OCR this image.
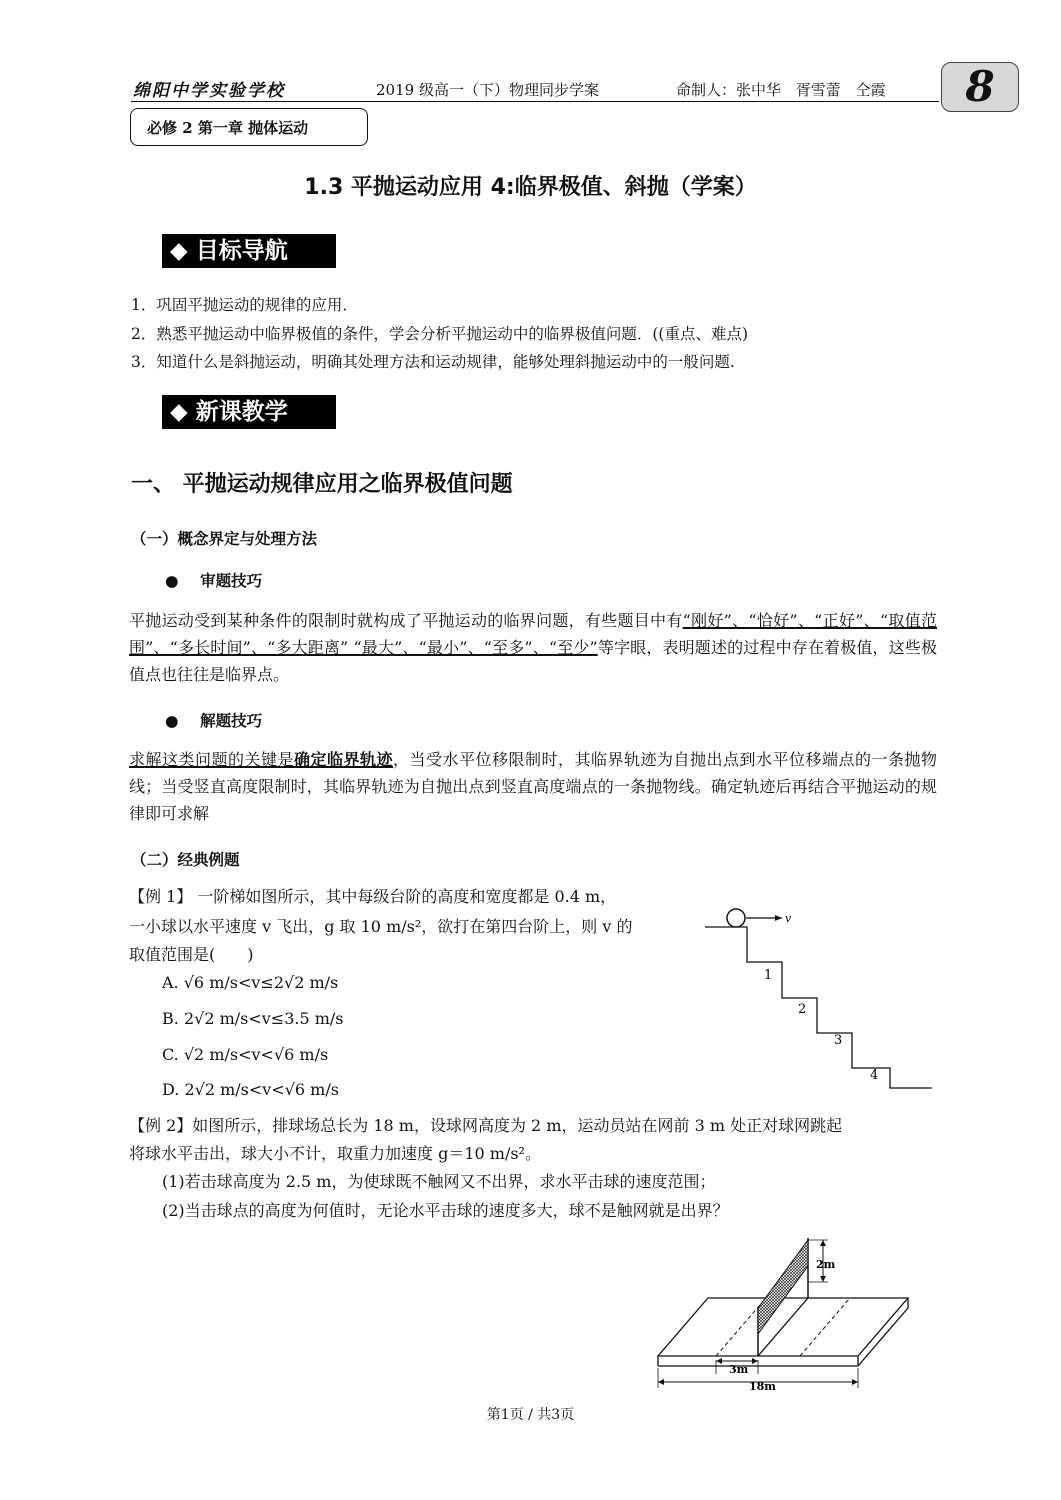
绵阳中学实验学校	2019 级高一（下）物理同步学案	命制人：张中华 胥雪蕾 仝霞	8
必修 2 第一章 抛体运动
1.3 平抛运动应用 4:临界极值、斜抛（学案）
◆ 目标导航
1．巩固平抛运动的规律的应用．
2．熟悉平抛运动中临界极值的条件，学会分析平抛运动中的临界极值问题．((重点、难点)
3．知道什么是斜抛运动，明确其处理方法和运动规律，能够处理斜抛运动中的一般问题.
◆ 新课教学
一、 平抛运动规律应用之临界极值问题
（一）概念界定与处理方法
● 审题技巧
平抛运动受到某种条件的限制时就构成了平抛运动的临界问题，有些题目中有“刚好”、“恰好”、“正好”、“取值范围”、“多长时间”、“多大距离” “最大”、“最小”、“至多”、“至少”等字眼，表明题述的过程中存在着极值，这些极值点也往往是临界点。
● 解题技巧
求解这类问题的关键是确定临界轨迹，当受水平位移限制时，其临界轨迹为自抛出点到水平位移端点的一条抛物线；当受竖直高度限制时，其临界轨迹为自抛出点到竖直高度端点的一条抛物线。确定轨迹后再结合平抛运动的规律即可求解
（二）经典例题
【例 1】 一阶梯如图所示，其中每级台阶的高度和宽度都是 0.4 m，
一小球以水平速度 v 飞出，g 取 10 m/s²，欲打在第四台阶上，则 v 的
取值范围是(　　)
A. √6 m/s<v≤2√2 m/s
B. 2√2 m/s<v≤3.5 m/s
C. √2 m/s<v<√6 m/s
D. 2√2 m/s<v<√6 m/s
v
1
2
3
4
【例 2】如图所示，排球场总长为 18 m，设球网高度为 2 m，运动员站在网前 3 m 处正对球网跳起
将球水平击出，球大小不计，取重力加速度 g＝10 m/s²。
(1)若击球高度为 2.5 m，为使球既不触网又不出界，求水平击球的速度范围；
(2)当击球点的高度为何值时，无论水平击球的速度多大，球不是触网就是出界？
2m
3m
18m
第1页 / 共3页
